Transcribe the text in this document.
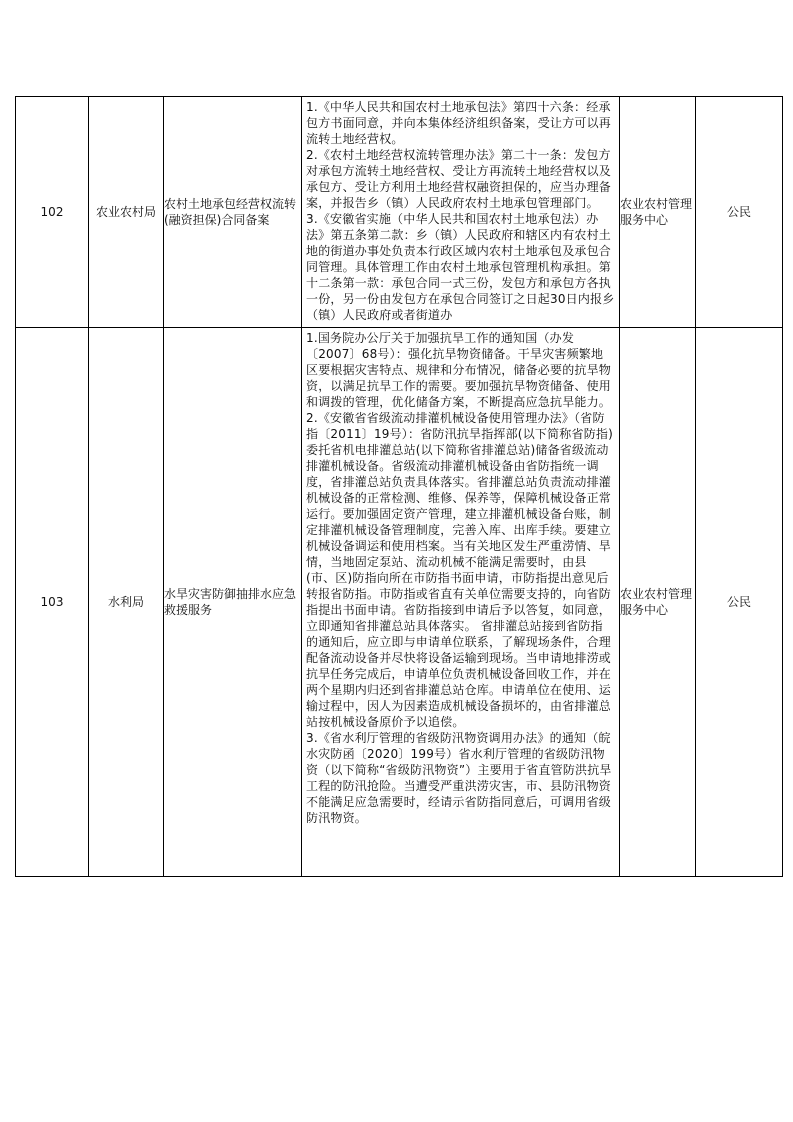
102	农业农村局	农村土地承包经营权流转(融资担保)合同备案	1.《中华人民共和国农村土地承包法》第四十六条：经承包方书面同意，并向本集体经济组织备案，受让方可以再流转土地经营权。

2.《农村土地经营权流转管理办法》第二十一条：发包方对承包方流转土地经营权、受让方再流转土地经营权以及承包方、受让方利用土地经营权融资担保的，应当办理备案，并报告乡（镇）人民政府农村土地承包管理部门。

3.《安徽省实施（中华人民共和国农村土地承包法）办法》第五条第二款：乡（镇）人民政府和辖区内有农村土地的街道办事处负责本行政区域内农村土地承包及承包合同管理。具体管理工作由农村土地承包管理机构承担。第十二条第一款：承包合同一式三份，发包方和承包方各执一份，另一份由发包方在承包合同签订之日起30日内报乡（镇）人民政府或者街道办	农业农村管理服务中心	公民
103	水利局	水旱灾害防御抽排水应急救援服务	1.国务院办公厅关于加强抗旱工作的通知国（办发〔2007〕68号）：强化抗旱物资储备。干旱灾害频繁地区要根据灾害特点、规律和分布情况，储备必要的抗旱物资，以满足抗旱工作的需要。要加强抗旱物资储备、使用和调拨的管理，优化储备方案，不断提高应急抗旱能力。

2.《安徽省省级流动排灌机械设备使用管理办法》（省防指〔2011〕19号）：省防汛抗旱指挥部(以下简称省防指)委托省机电排灌总站(以下简称省排灌总站)储备省级流动排灌机械设备。省级流动排灌机械设备由省防指统一调度，省排灌总站负责具体落实。省排灌总站负责流动排灌机械设备的正常检测、维修、保养等，保障机械设备正常运行。要加强固定资产管理，建立排灌机械设备台账，制定排灌机械设备管理制度，完善入库、出库手续。要建立机械设备调运和使用档案。当有关地区发生严重涝情、旱情，当地固定泵站、流动机械不能满足需要时，由县(市、区)防指向所在市防指书面申请，市防指提出意见后转报省防指。市防指或省直有关单位需要支持的，向省防指提出书面申请。省防指接到申请后予以答复，如同意，立即通知省排灌总站具体落实。 省排灌总站接到省防指的通知后，应立即与申请单位联系，了解现场条件，合理配备流动设备并尽快将设备运输到现场。当申请地排涝或抗旱任务完成后，申请单位负责机械设备回收工作，并在两个星期内归还到省排灌总站仓库。申请单位在使用、运输过程中，因人为因素造成机械设备损坏的，由省排灌总站按机械设备原价予以追偿。

3.《省水利厅管理的省级防汛物资调用办法》的通知（皖水灾防函〔2020〕199号）省水利厅管理的省级防汛物资（以下简称“省级防汛物资”）主要用于省直管防洪抗旱工程的防汛抢险。当遭受严重洪涝灾害，市、县防汛物资不能满足应急需要时，经请示省防指同意后，可调用省级防汛物资。	农业农村管理服务中心	公民
